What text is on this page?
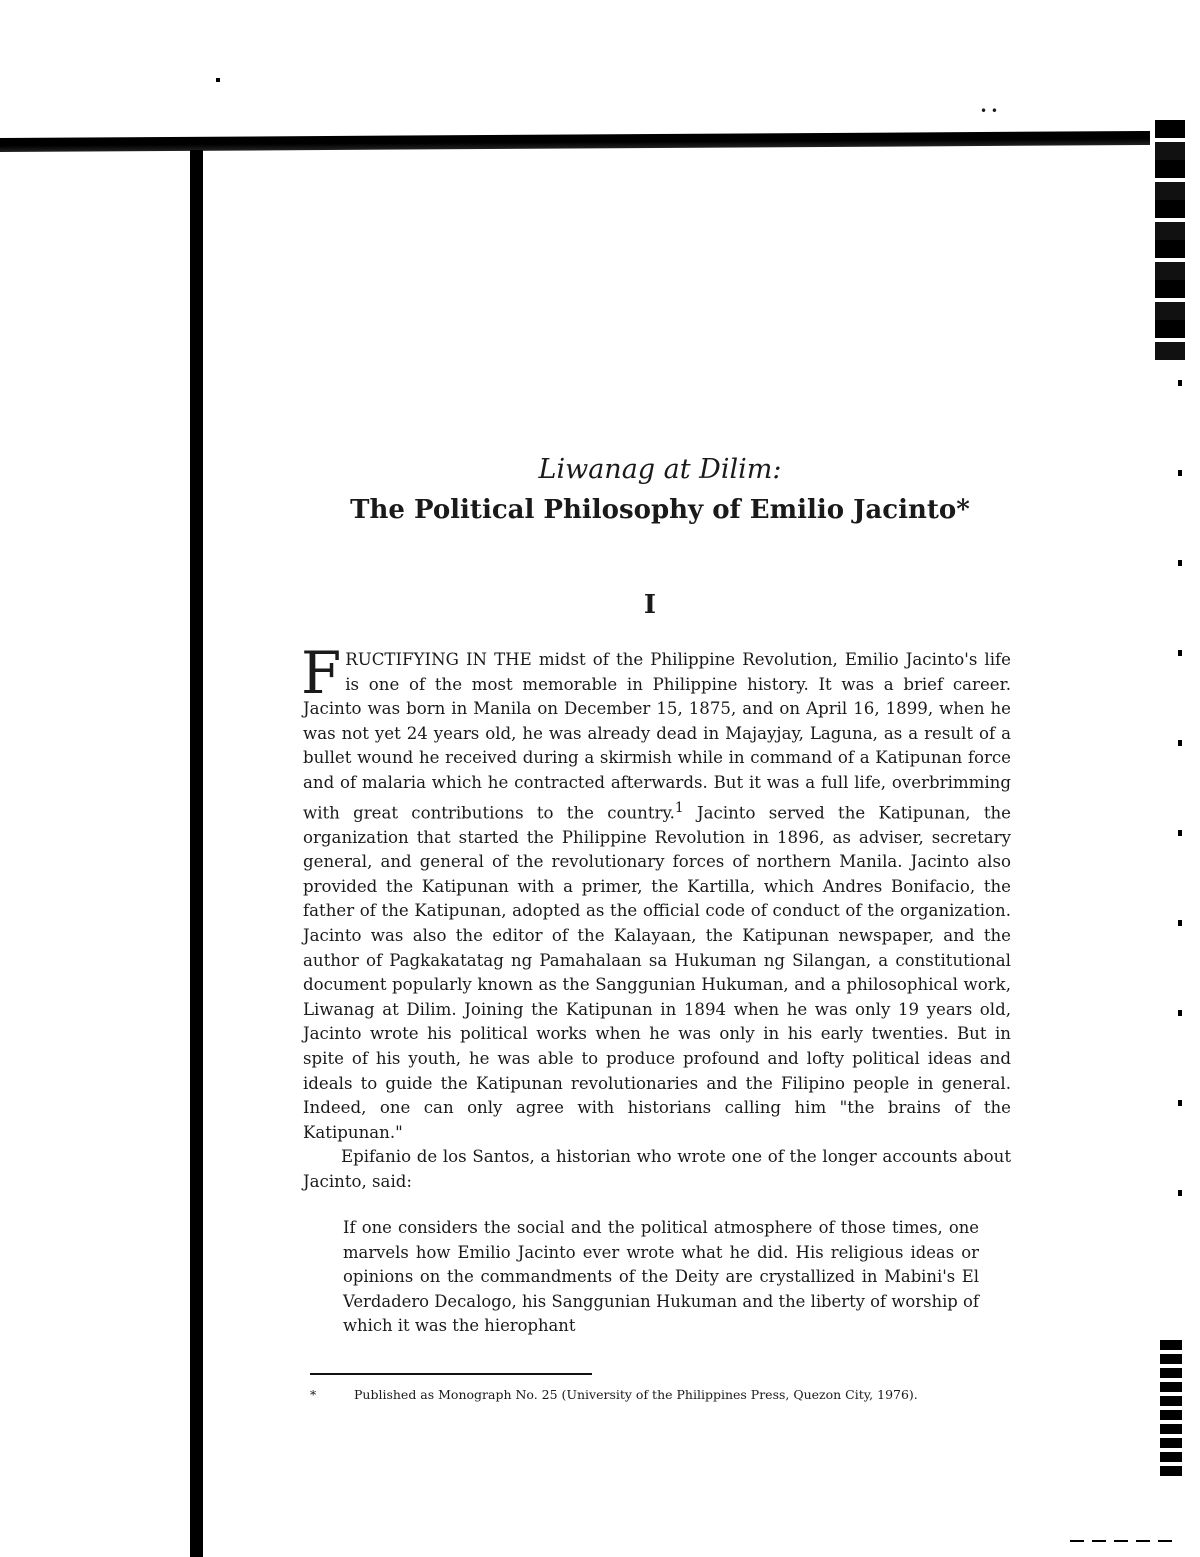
• •

Liwanag at Dilim:

The Political Philosophy of Emilio Jacinto*

I

FRUCTIFYING IN THE midst of the Philippine Revolution, Emilio Jacinto's life is one of the most memorable in Philippine history. It was a brief career. Jacinto was born in Manila on December 15, 1875, and on April 16, 1899, when he was not yet 24 years old, he was already dead in Majayjay, Laguna, as a result of a bullet wound he received during a skirmish while in command of a Katipunan force and of malaria which he contracted afterwards. But it was a full life, overbrimming with great contributions to the country.$^1$ Jacinto served the Katipunan, the organization that started the Philippine Revolution in 1896, as adviser, secretary general, and general of the revolutionary forces of northern Manila. Jacinto also provided the Katipunan with a primer, the Kartilla, which Andres Bonifacio, the father of the Katipunan, adopted as the official code of conduct of the organization. Jacinto was also the editor of the Kalayaan, the Katipunan newspaper, and the author of Pagkakatatag ng Pamahalaan sa Hukuman ng Silangan, a constitutional document popularly known as the Sanggunian Hukuman, and a philosophical work, Liwanag at Dilim. Joining the Katipunan in 1894 when he was only 19 years old, Jacinto wrote his political works when he was only in his early twenties. But in spite of his youth, he was able to produce profound and lofty political ideas and ideals to guide the Katipunan revolutionaries and the Filipino people in general. Indeed, one can only agree with historians calling him "the brains of the Katipunan."

Epifanio de los Santos, a historian who wrote one of the longer accounts about Jacinto, said:

If one considers the social and the political atmosphere of those times, one marvels how Emilio Jacinto ever wrote what he did. His religious ideas or opinions on the commandments of the Deity are crystallized in Mabini's El Verdadero Decalogo, his Sanggunian Hukuman and the liberty of worship of which it was the hierophant

*	Published as Monograph No. 25 (University of the Philippines Press, Quezon City, 1976).
